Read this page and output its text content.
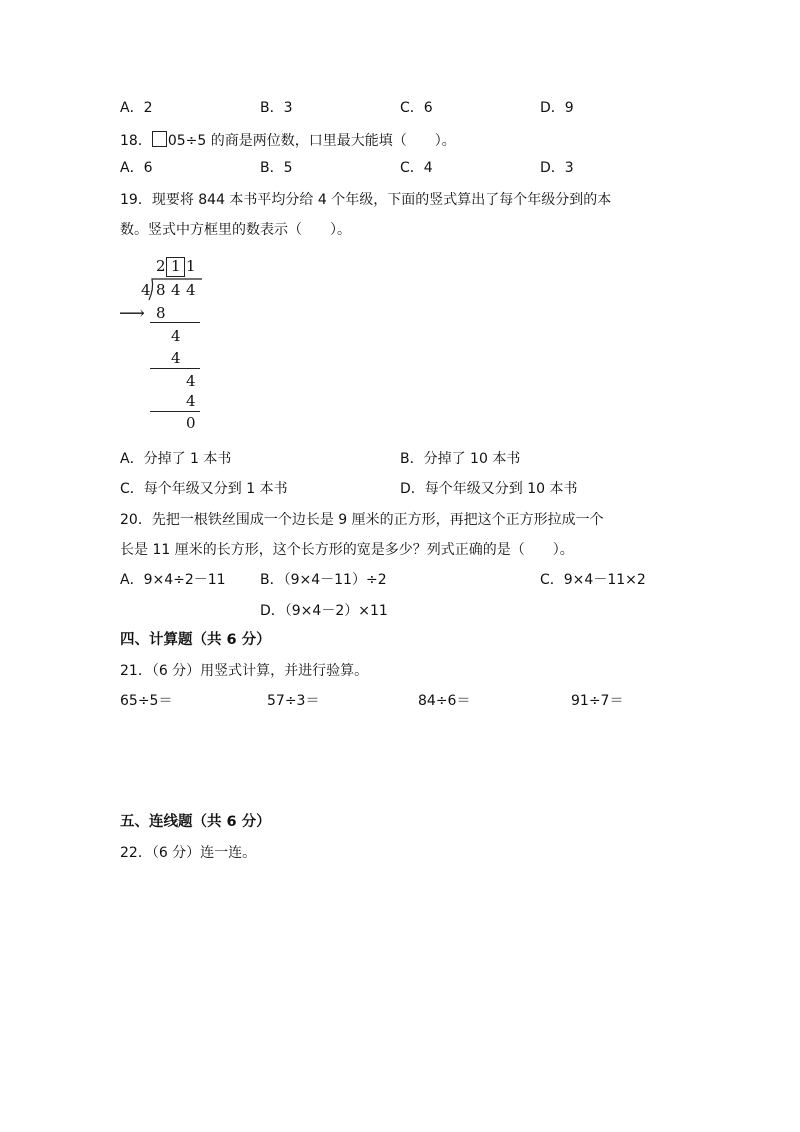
A．2	B．3	C．6	D．9
18． 05÷5 的商是两位数，口里最大能填（　　）。
A．6	B．5	C．4	D．3
19．现要将 844 本书平均分给 4 个年级，下面的竖式算出了每个年级分到的本
数。竖式中方框里的数表示（　　）。
2 1 1
4 8 4 4
⟶ 8
4
4
4
4
0
A．分掉了 1 本书	B．分掉了 10 本书
C．每个年级又分到 1 本书	D．每个年级又分到 10 本书
20．先把一根铁丝围成一个边长是 9 厘米的正方形，再把这个正方形拉成一个
长是 11 厘米的长方形，这个长方形的宽是多少？列式正确的是（　　）。
A．9×4÷2－11 B．（9×4－11）÷2	C．9×4－11×2
D．（9×4－2）×11
四、计算题（共 6 分）
21．（6 分）用竖式计算，并进行验算。
65÷5＝	57÷3＝	84÷6＝	91÷7＝
五、连线题（共 6 分）
22．（6 分）连一连。
